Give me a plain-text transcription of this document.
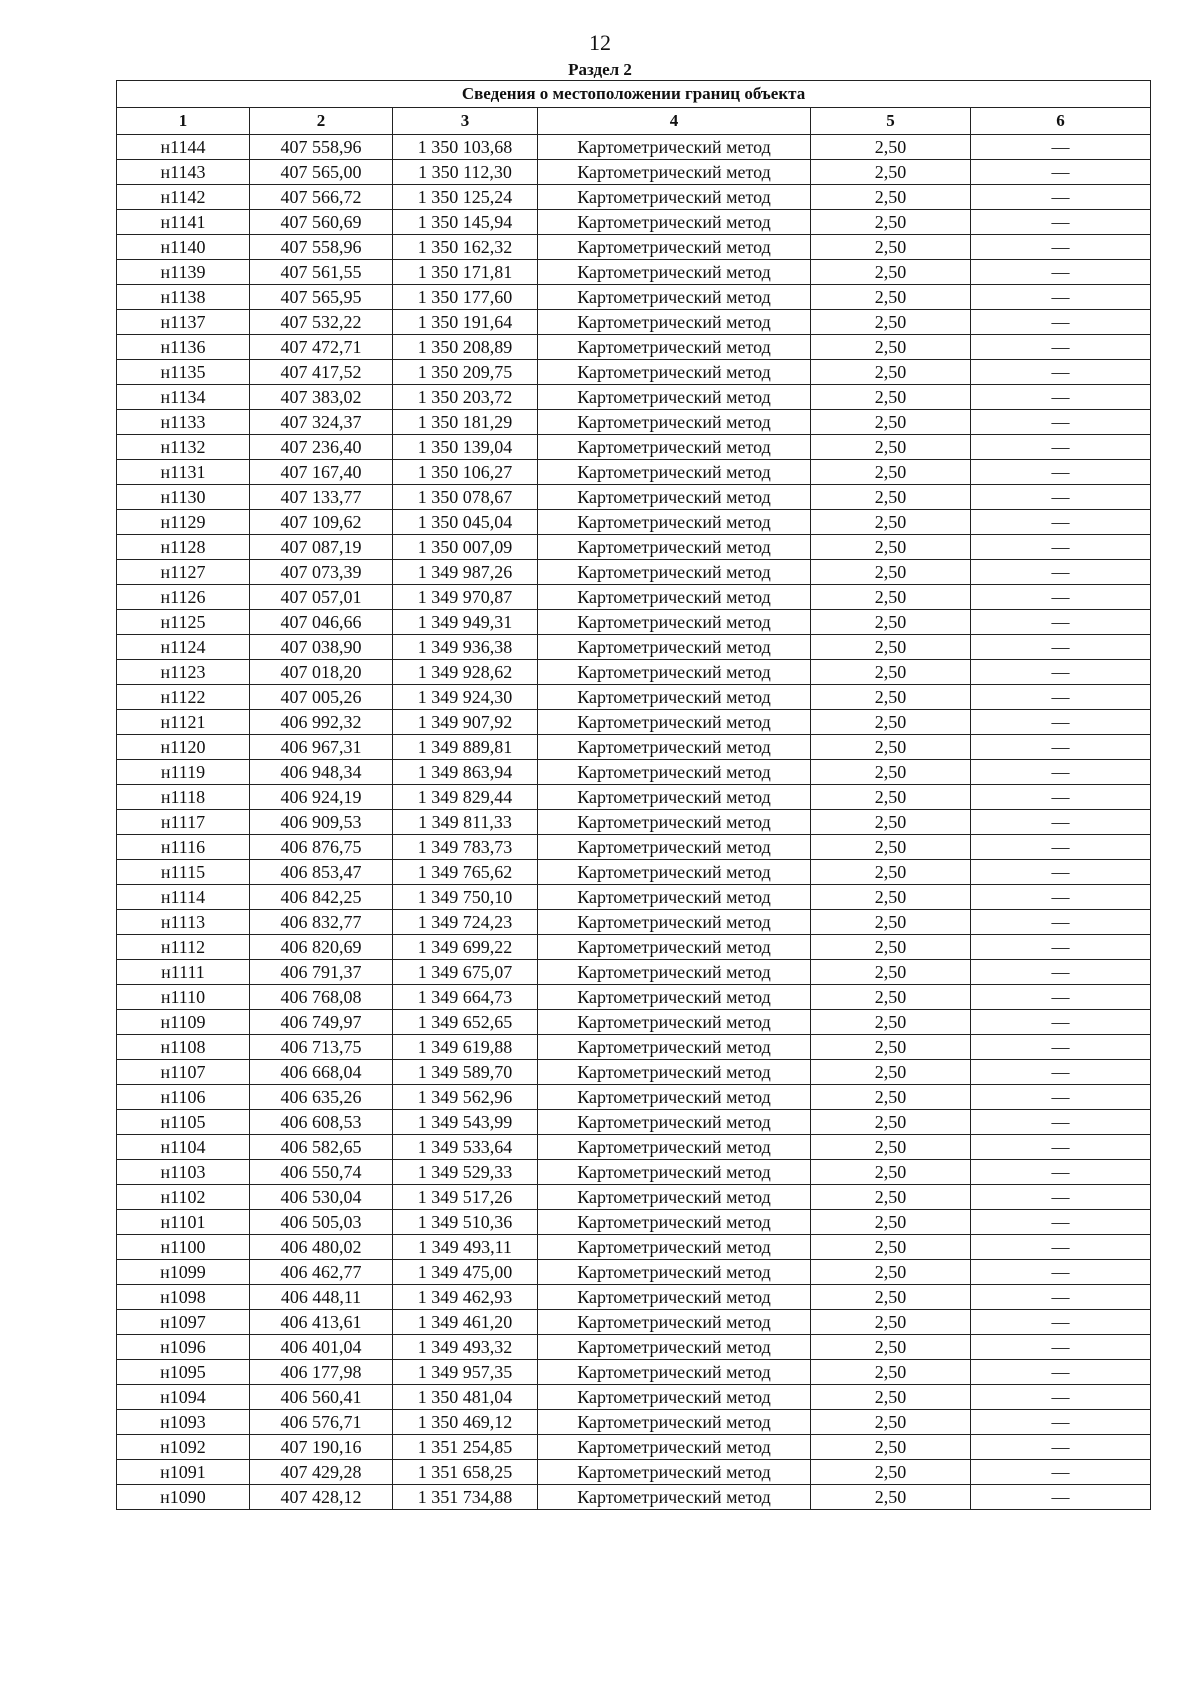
12
Раздел 2
Сведения о местоположении границ объекта					
1	2	3	4	5	6
н1144	407 558,96	1 350 103,68	Картометрический метод	2,50	—
н1143	407 565,00	1 350 112,30	Картометрический метод	2,50	—
н1142	407 566,72	1 350 125,24	Картометрический метод	2,50	—
н1141	407 560,69	1 350 145,94	Картометрический метод	2,50	—
н1140	407 558,96	1 350 162,32	Картометрический метод	2,50	—
н1139	407 561,55	1 350 171,81	Картометрический метод	2,50	—
н1138	407 565,95	1 350 177,60	Картометрический метод	2,50	—
н1137	407 532,22	1 350 191,64	Картометрический метод	2,50	—
н1136	407 472,71	1 350 208,89	Картометрический метод	2,50	—
н1135	407 417,52	1 350 209,75	Картометрический метод	2,50	—
н1134	407 383,02	1 350 203,72	Картометрический метод	2,50	—
н1133	407 324,37	1 350 181,29	Картометрический метод	2,50	—
н1132	407 236,40	1 350 139,04	Картометрический метод	2,50	—
н1131	407 167,40	1 350 106,27	Картометрический метод	2,50	—
н1130	407 133,77	1 350 078,67	Картометрический метод	2,50	—
н1129	407 109,62	1 350 045,04	Картометрический метод	2,50	—
н1128	407 087,19	1 350 007,09	Картометрический метод	2,50	—
н1127	407 073,39	1 349 987,26	Картометрический метод	2,50	—
н1126	407 057,01	1 349 970,87	Картометрический метод	2,50	—
н1125	407 046,66	1 349 949,31	Картометрический метод	2,50	—
н1124	407 038,90	1 349 936,38	Картометрический метод	2,50	—
н1123	407 018,20	1 349 928,62	Картометрический метод	2,50	—
н1122	407 005,26	1 349 924,30	Картометрический метод	2,50	—
н1121	406 992,32	1 349 907,92	Картометрический метод	2,50	—
н1120	406 967,31	1 349 889,81	Картометрический метод	2,50	—
н1119	406 948,34	1 349 863,94	Картометрический метод	2,50	—
н1118	406 924,19	1 349 829,44	Картометрический метод	2,50	—
н1117	406 909,53	1 349 811,33	Картометрический метод	2,50	—
н1116	406 876,75	1 349 783,73	Картометрический метод	2,50	—
н1115	406 853,47	1 349 765,62	Картометрический метод	2,50	—
н1114	406 842,25	1 349 750,10	Картометрический метод	2,50	—
н1113	406 832,77	1 349 724,23	Картометрический метод	2,50	—
н1112	406 820,69	1 349 699,22	Картометрический метод	2,50	—
н1111	406 791,37	1 349 675,07	Картометрический метод	2,50	—
н1110	406 768,08	1 349 664,73	Картометрический метод	2,50	—
н1109	406 749,97	1 349 652,65	Картометрический метод	2,50	—
н1108	406 713,75	1 349 619,88	Картометрический метод	2,50	—
н1107	406 668,04	1 349 589,70	Картометрический метод	2,50	—
н1106	406 635,26	1 349 562,96	Картометрический метод	2,50	—
н1105	406 608,53	1 349 543,99	Картометрический метод	2,50	—
н1104	406 582,65	1 349 533,64	Картометрический метод	2,50	—
н1103	406 550,74	1 349 529,33	Картометрический метод	2,50	—
н1102	406 530,04	1 349 517,26	Картометрический метод	2,50	—
н1101	406 505,03	1 349 510,36	Картометрический метод	2,50	—
н1100	406 480,02	1 349 493,11	Картометрический метод	2,50	—
н1099	406 462,77	1 349 475,00	Картометрический метод	2,50	—
н1098	406 448,11	1 349 462,93	Картометрический метод	2,50	—
н1097	406 413,61	1 349 461,20	Картометрический метод	2,50	—
н1096	406 401,04	1 349 493,32	Картометрический метод	2,50	—
н1095	406 177,98	1 349 957,35	Картометрический метод	2,50	—
н1094	406 560,41	1 350 481,04	Картометрический метод	2,50	—
н1093	406 576,71	1 350 469,12	Картометрический метод	2,50	—
н1092	407 190,16	1 351 254,85	Картометрический метод	2,50	—
н1091	407 429,28	1 351 658,25	Картометрический метод	2,50	—
н1090	407 428,12	1 351 734,88	Картометрический метод	2,50	—
